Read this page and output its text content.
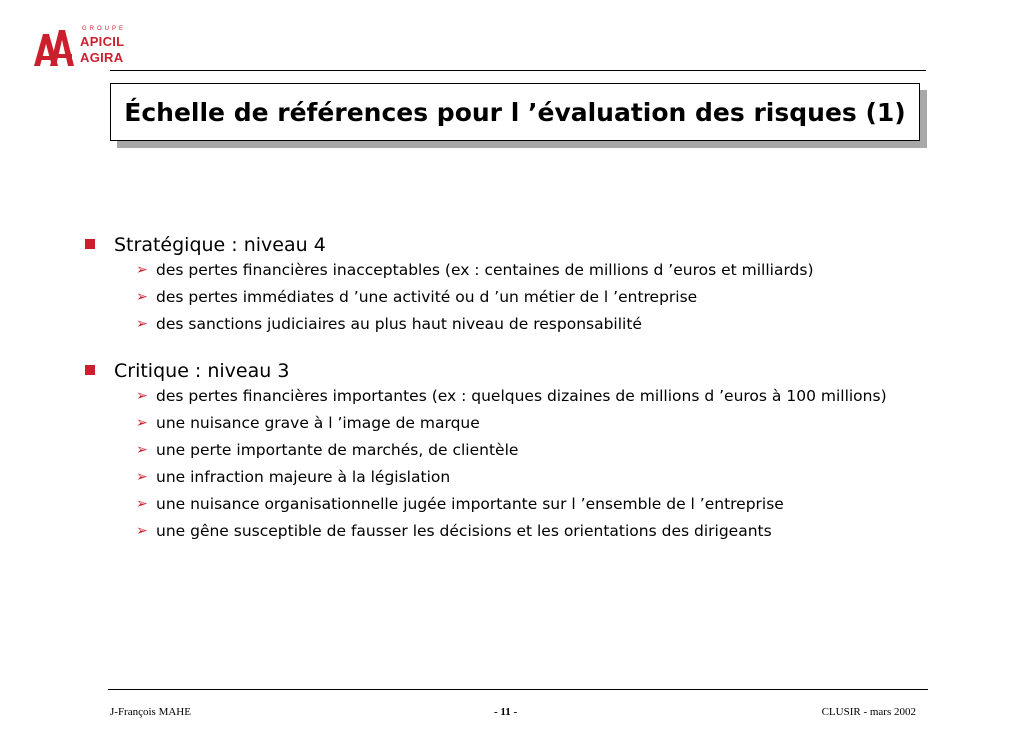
GROUPE
APICIL
AGIRA
Échelle de références pour l ’évaluation des risques (1)
Stratégique : niveau 4
➢ des pertes financières inacceptables (ex : centaines de millions d ’euros et milliards)
➢ des pertes immédiates d ’une activité ou d ’un métier de l ’entreprise
➢ des sanctions judiciaires au plus haut niveau de responsabilité
Critique : niveau 3
➢ des pertes financières importantes (ex : quelques dizaines de millions d ’euros à 100 millions)
➢ une nuisance grave à l ’image de marque
➢ une perte importante de marchés, de clientèle
➢ une infraction majeure à la législation
➢ une nuisance organisationnelle jugée importante sur l ’ensemble de l ’entreprise
➢ une gêne susceptible de fausser les décisions et les orientations des dirigeants
J-François MAHE	- 11 -	CLUSIR - mars 2002
